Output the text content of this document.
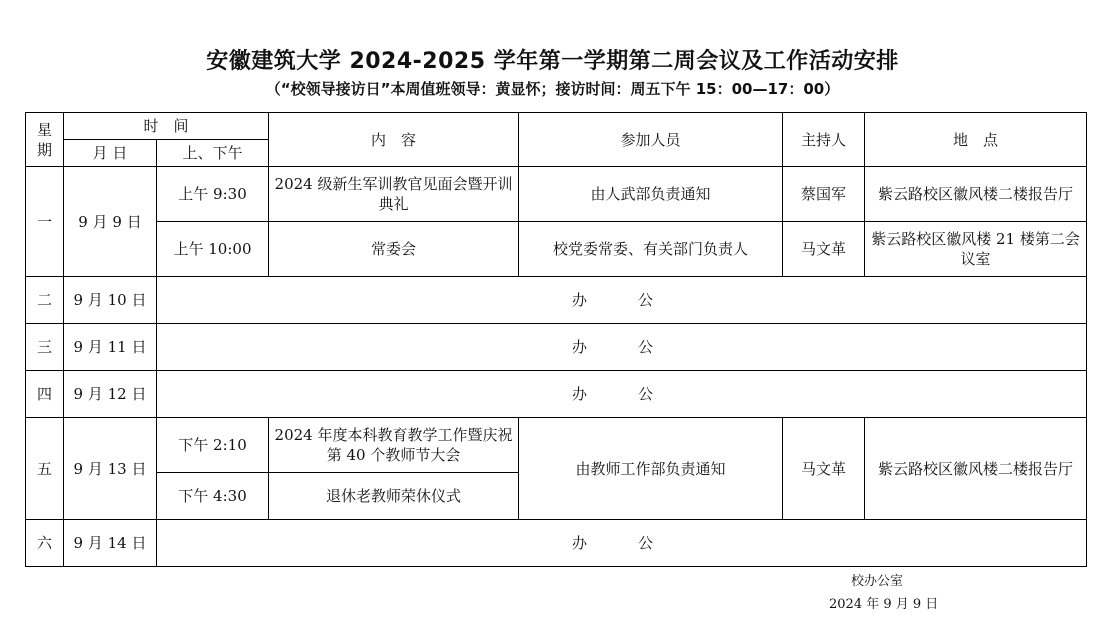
安徽建筑大学 2024-2025 学年第一学期第二周会议及工作活动安排
（“校领导接访日”本周值班领导：黄显怀；接访时间：周五下午 15：00—17：00）
星期	时　间		内　容	参加人员	主持人	地　点
	月 日	上、下午				
一	9 月 9 日	上午 9:30	2024 级新生军训教官见面会暨开训典礼	由人武部负责通知	蔡国军	紫云路校区徽风楼二楼报告厅
		上午 10:00	常委会	校党委常委、有关部门负责人	马文革	紫云路校区徽风楼 21 楼第二会议室
二	9 月 10 日	办　公				
三	9 月 11 日	办　公				
四	9 月 12 日	办　公				
五	9 月 13 日	下午 2:10	2024 年度本科教育教学工作暨庆祝第 40 个教师节大会	由教师工作部负责通知	马文革	紫云路校区徽风楼二楼报告厅
		下午 4:30	退休老教师荣休仪式			
六	9 月 14 日	办　公				
校办公室
2024 年 9 月 9 日
